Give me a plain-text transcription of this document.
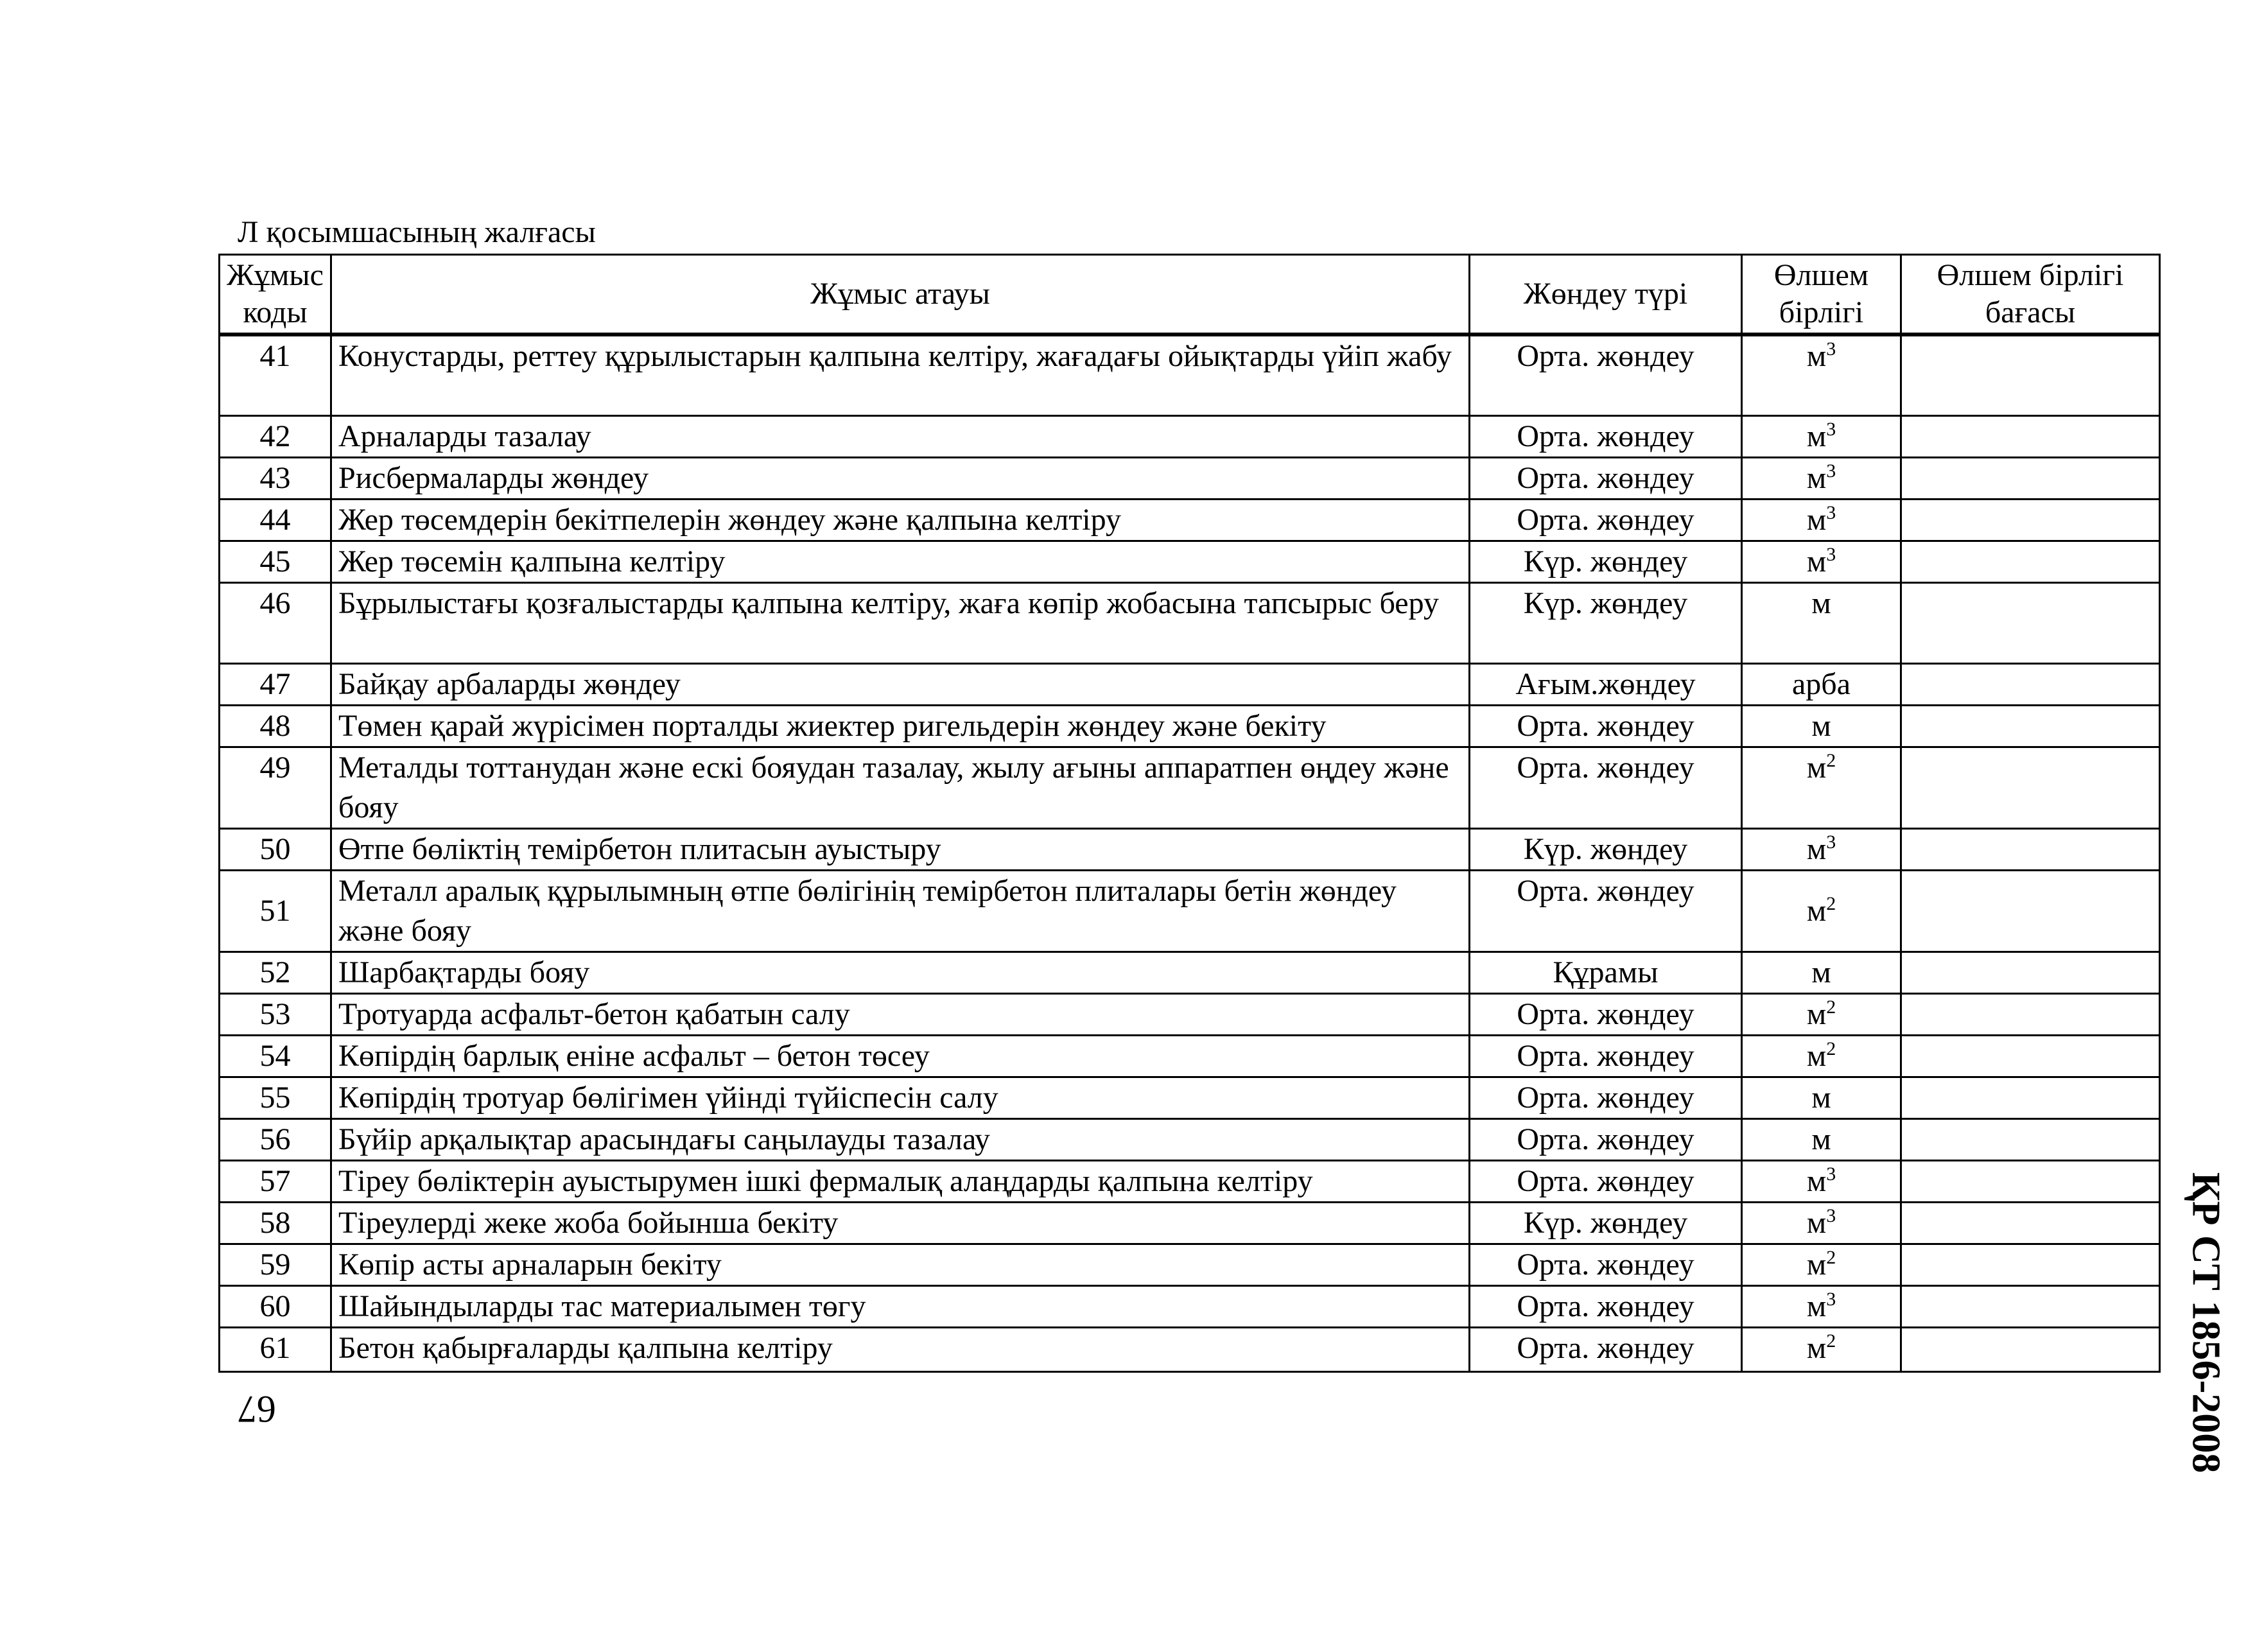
Л қосымшасының жалғасы
Жұмыс коды	Жұмыс атауы	Жөндеу түрі	Өлшем бірлігі	Өлшем бірлігі бағасы
41	Конустарды, реттеу құрылыстарын қалпына келтіру, жағадағы ойықтарды үйіп жабу	Орта. жөндеу	$м^3$	
42	Арналарды тазалау	Орта. жөндеу	$м^3$	
43	Рисбермаларды жөндеу	Орта. жөндеу	$м^3$	
44	Жер төсемдерін бекітпелерін жөндеу және қалпына келтіру	Орта. жөндеу	$м^3$	
45	Жер төсемін қалпына келтіру	Күр. жөндеу	$м^3$	
46	Бұрылыстағы қозғалыстарды қалпына келтіру, жаға көпір жобасына тапсырыс беру	Күр. жөндеу	м	
47	Байқау арбаларды жөндеу	Ағым.жөндеу	арба	
48	Төмен қарай жүрісімен порталды жиектер ригельдерін жөндеу және бекіту	Орта. жөндеу	м	
49	Металды тоттанудан және ескі бояудан тазалау, жылу ағыны аппаратпен өңдеу және бояу	Орта. жөндеу	$м^2$	
50	Өтпе бөліктің темірбетон плитасын ауыстыру	Күр. жөндеу	$м^3$	
51	Металл аралық құрылымның өтпе бөлігінің темірбетон плиталары бетін жөндеу және бояу	Орта. жөндеу	$м^2$	
52	Шарбақтарды бояу	Құрамы	м	
53	Тротуарда асфальт-бетон қабатын салу	Орта. жөндеу	$м^2$	
54	Көпірдің барлық еніне асфальт – бетон төсеу	Орта. жөндеу	$м^2$	
55	Көпірдің тротуар бөлігімен үйінді түйіспесін салу	Орта. жөндеу	м	
56	Бүйір арқалықтар арасындағы саңылауды тазалау	Орта. жөндеу	м	
57	Тіреу бөліктерін ауыстырумен ішкі фермалық алаңдарды қалпына келтіру	Орта. жөндеу	$м^3$	
58	Тіреулерді жеке жоба бойынша бекіту	Күр. жөндеу	$м^3$	
59	Көпір асты арналарын бекіту	Орта. жөндеу	$м^2$	
60	Шайындыларды тас материалымен төгу	Орта. жөндеу	$м^3$	
61	Бетон қабырғаларды қалпына келтіру	Орта. жөндеу	$м^2$	
67	ҚР СТ 1856-2008
